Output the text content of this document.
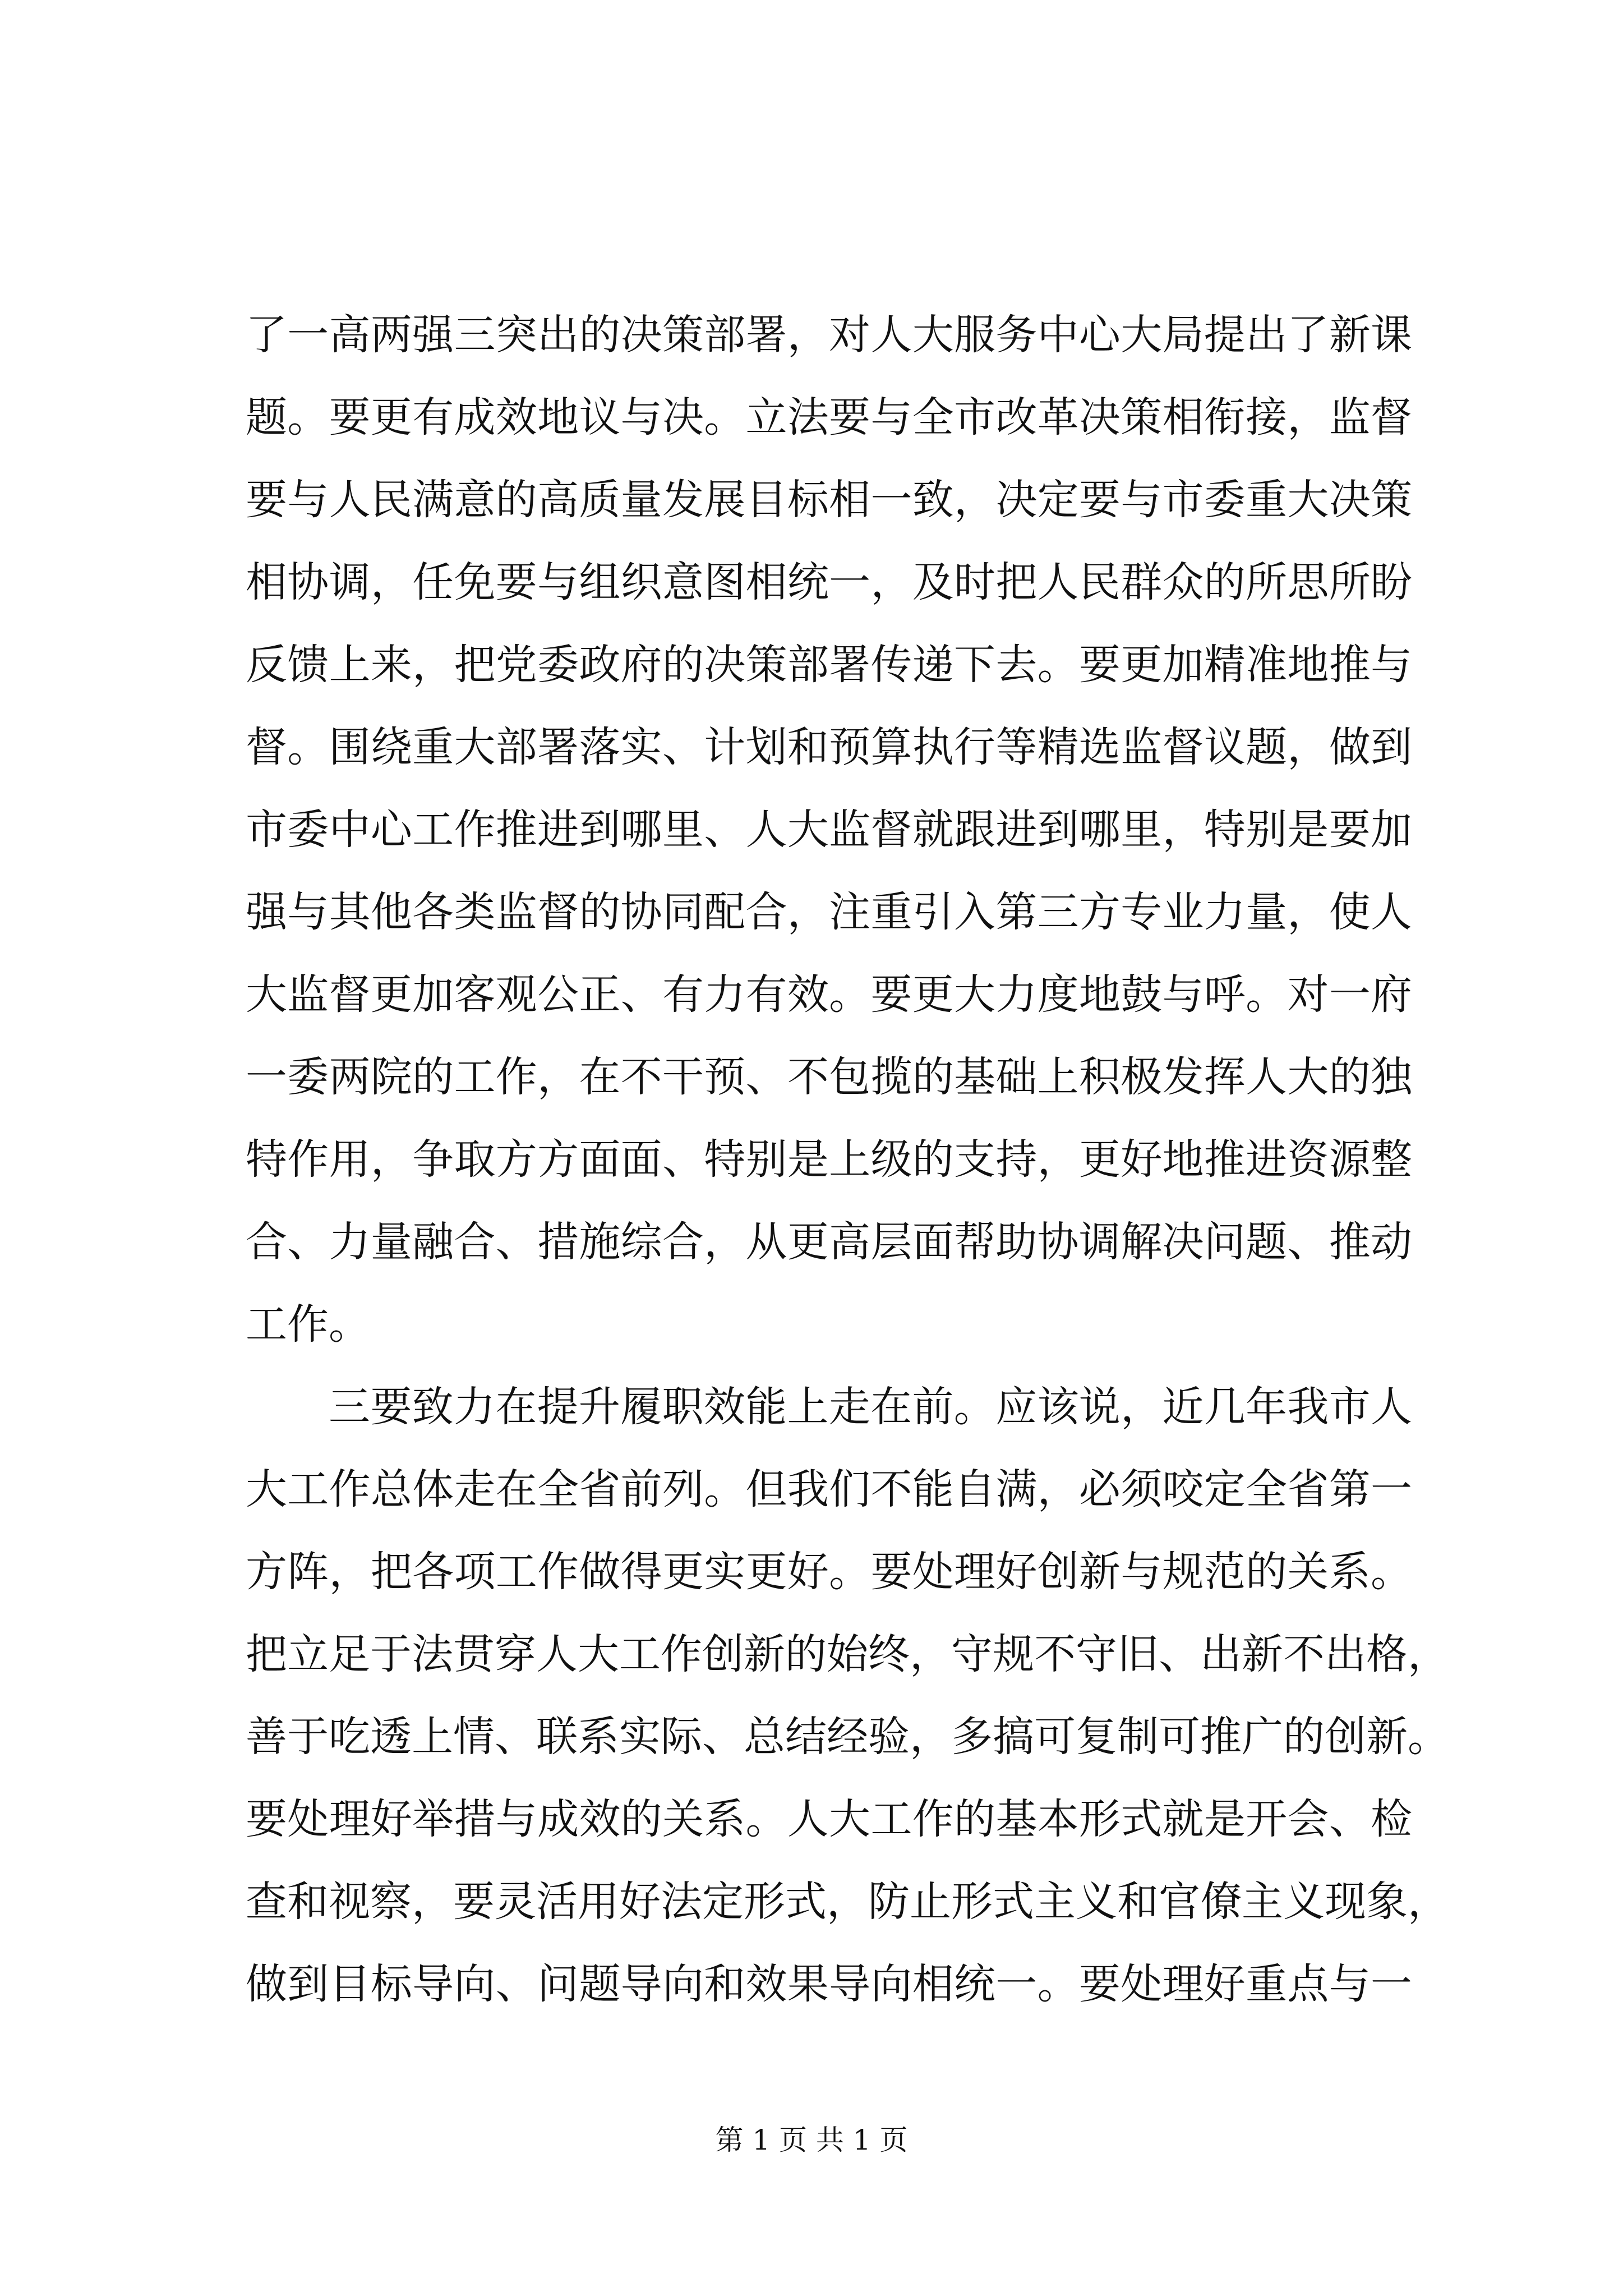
了一高两强三突出的决策部署，对人大服务中心大局提出了新课
题。要更有成效地议与决。立法要与全市改革决策相衔接，监督
要与人民满意的高质量发展目标相一致，决定要与市委重大决策
相协调，任免要与组织意图相统一，及时把人民群众的所思所盼
反馈上来，把党委政府的决策部署传递下去。要更加精准地推与
督。围绕重大部署落实、计划和预算执行等精选监督议题，做到
市委中心工作推进到哪里、人大监督就跟进到哪里，特别是要加
强与其他各类监督的协同配合，注重引入第三方专业力量，使人
大监督更加客观公正、有力有效。要更大力度地鼓与呼。对一府
一委两院的工作，在不干预、不包揽的基础上积极发挥人大的独
特作用，争取方方面面、特别是上级的支持，更好地推进资源整
合、力量融合、措施综合，从更高层面帮助协调解决问题、推动
工作。
三要致力在提升履职效能上走在前。应该说，近几年我市人
大工作总体走在全省前列。但我们不能自满，必须咬定全省第一
方阵，把各项工作做得更实更好。要处理好创新与规范的关系。
把立足于法贯穿人大工作创新的始终，守规不守旧、出新不出格，
善于吃透上情、联系实际、总结经验，多搞可复制可推广的创新。
要处理好举措与成效的关系。人大工作的基本形式就是开会、检
查和视察，要灵活用好法定形式，防止形式主义和官僚主义现象，
做到目标导向、问题导向和效果导向相统一。要处理好重点与一
第 1 页 共 1 页
